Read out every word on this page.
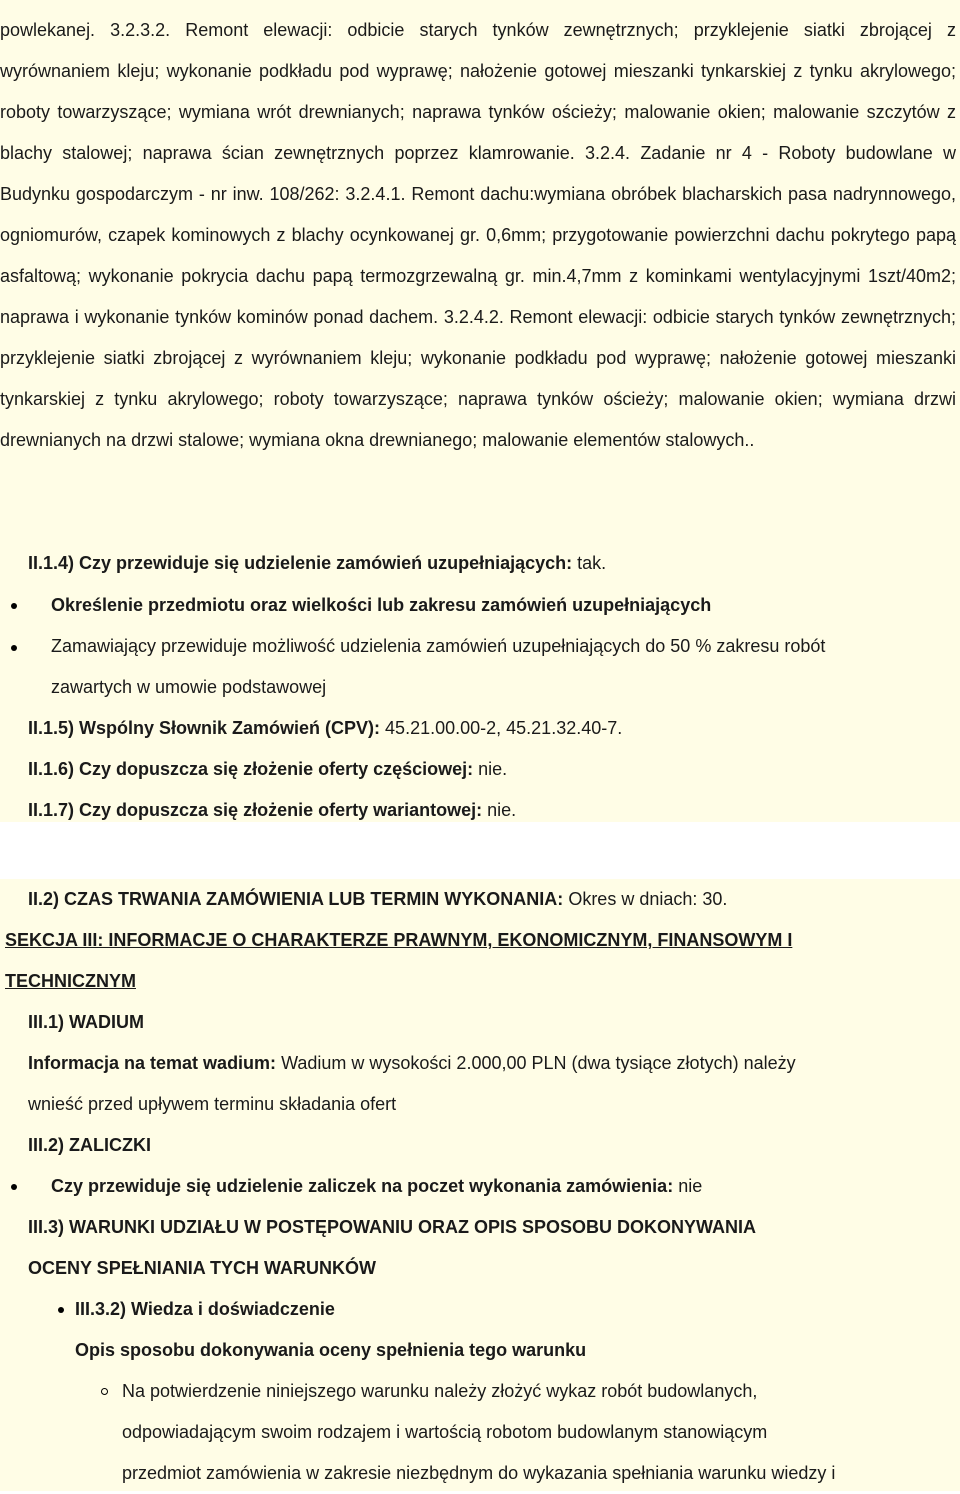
powlekanej. 3.2.3.2. Remont elewacji: odbicie starych tynków zewnętrznych; przyklejenie siatki zbrojącej z wyrównaniem kleju; wykonanie podkładu pod wyprawę; nałożenie gotowej mieszanki tynkarskiej z tynku akrylowego; roboty towarzyszące; wymiana wrót drewnianych; naprawa tynków ościeży; malowanie okien; malowanie szczytów z blachy stalowej; naprawa ścian zewnętrznych poprzez klamrowanie. 3.2.4. Zadanie nr 4 - Roboty budowlane w Budynku gospodarczym - nr inw. 108/262: 3.2.4.1. Remont dachu:wymiana obróbek blacharskich pasa nadrynnowego, ogniomurów, czapek kominowych z blachy ocynkowanej gr. 0,6mm; przygotowanie powierzchni dachu pokrytego papą asfaltową; wykonanie pokrycia dachu papą termozgrzewalną gr. min.4,7mm z kominkami wentylacyjnymi 1szt/40m2; naprawa i wykonanie tynków kominów ponad dachem. 3.2.4.2. Remont elewacji: odbicie starych tynków zewnętrznych; przyklejenie siatki zbrojącej z wyrównaniem kleju; wykonanie podkładu pod wyprawę; nałożenie gotowej mieszanki tynkarskiej z tynku akrylowego; roboty towarzyszące; naprawa tynków ościeży; malowanie okien; wymiana drzwi drewnianych na drzwi stalowe; wymiana okna drewnianego; malowanie elementów stalowych..

II.1.4) Czy przewiduje się udzielenie zamówień uzupełniających: tak.

Określenie przedmiotu oraz wielkości lub zakresu zamówień uzupełniających

Zamawiający przewiduje możliwość udzielenia zamówień uzupełniających do 50 % zakresu robót

zawartych w umowie podstawowej

II.1.5) Wspólny Słownik Zamówień (CPV): 45.21.00.00-2, 45.21.32.40-7.

II.1.6) Czy dopuszcza się złożenie oferty częściowej: nie.

II.1.7) Czy dopuszcza się złożenie oferty wariantowej: nie.

II.2) CZAS TRWANIA ZAMÓWIENIA LUB TERMIN WYKONANIA: Okres w dniach: 30.

SEKCJA III: INFORMACJE O CHARAKTERZE PRAWNYM, EKONOMICZNYM, FINANSOWYM I

TECHNICZNYM

III.1) WADIUM

Informacja na temat wadium: Wadium w wysokości 2.000,00 PLN (dwa tysiące złotych) należy

wnieść przed upływem terminu składania ofert

III.2) ZALICZKI

Czy przewiduje się udzielenie zaliczek na poczet wykonania zamówienia: nie

III.3) WARUNKI UDZIAŁU W POSTĘPOWANIU ORAZ OPIS SPOSOBU DOKONYWANIA

OCENY SPEŁNIANIA TYCH WARUNKÓW

III.3.2) Wiedza i doświadczenie

Opis sposobu dokonywania oceny spełnienia tego warunku

Na potwierdzenie niniejszego warunku należy złożyć wykaz robót budowlanych,

odpowiadającym swoim rodzajem i wartością robotom budowlanym stanowiącym

przedmiot zamówienia w zakresie niezbędnym do wykazania spełniania warunku wiedzy i
